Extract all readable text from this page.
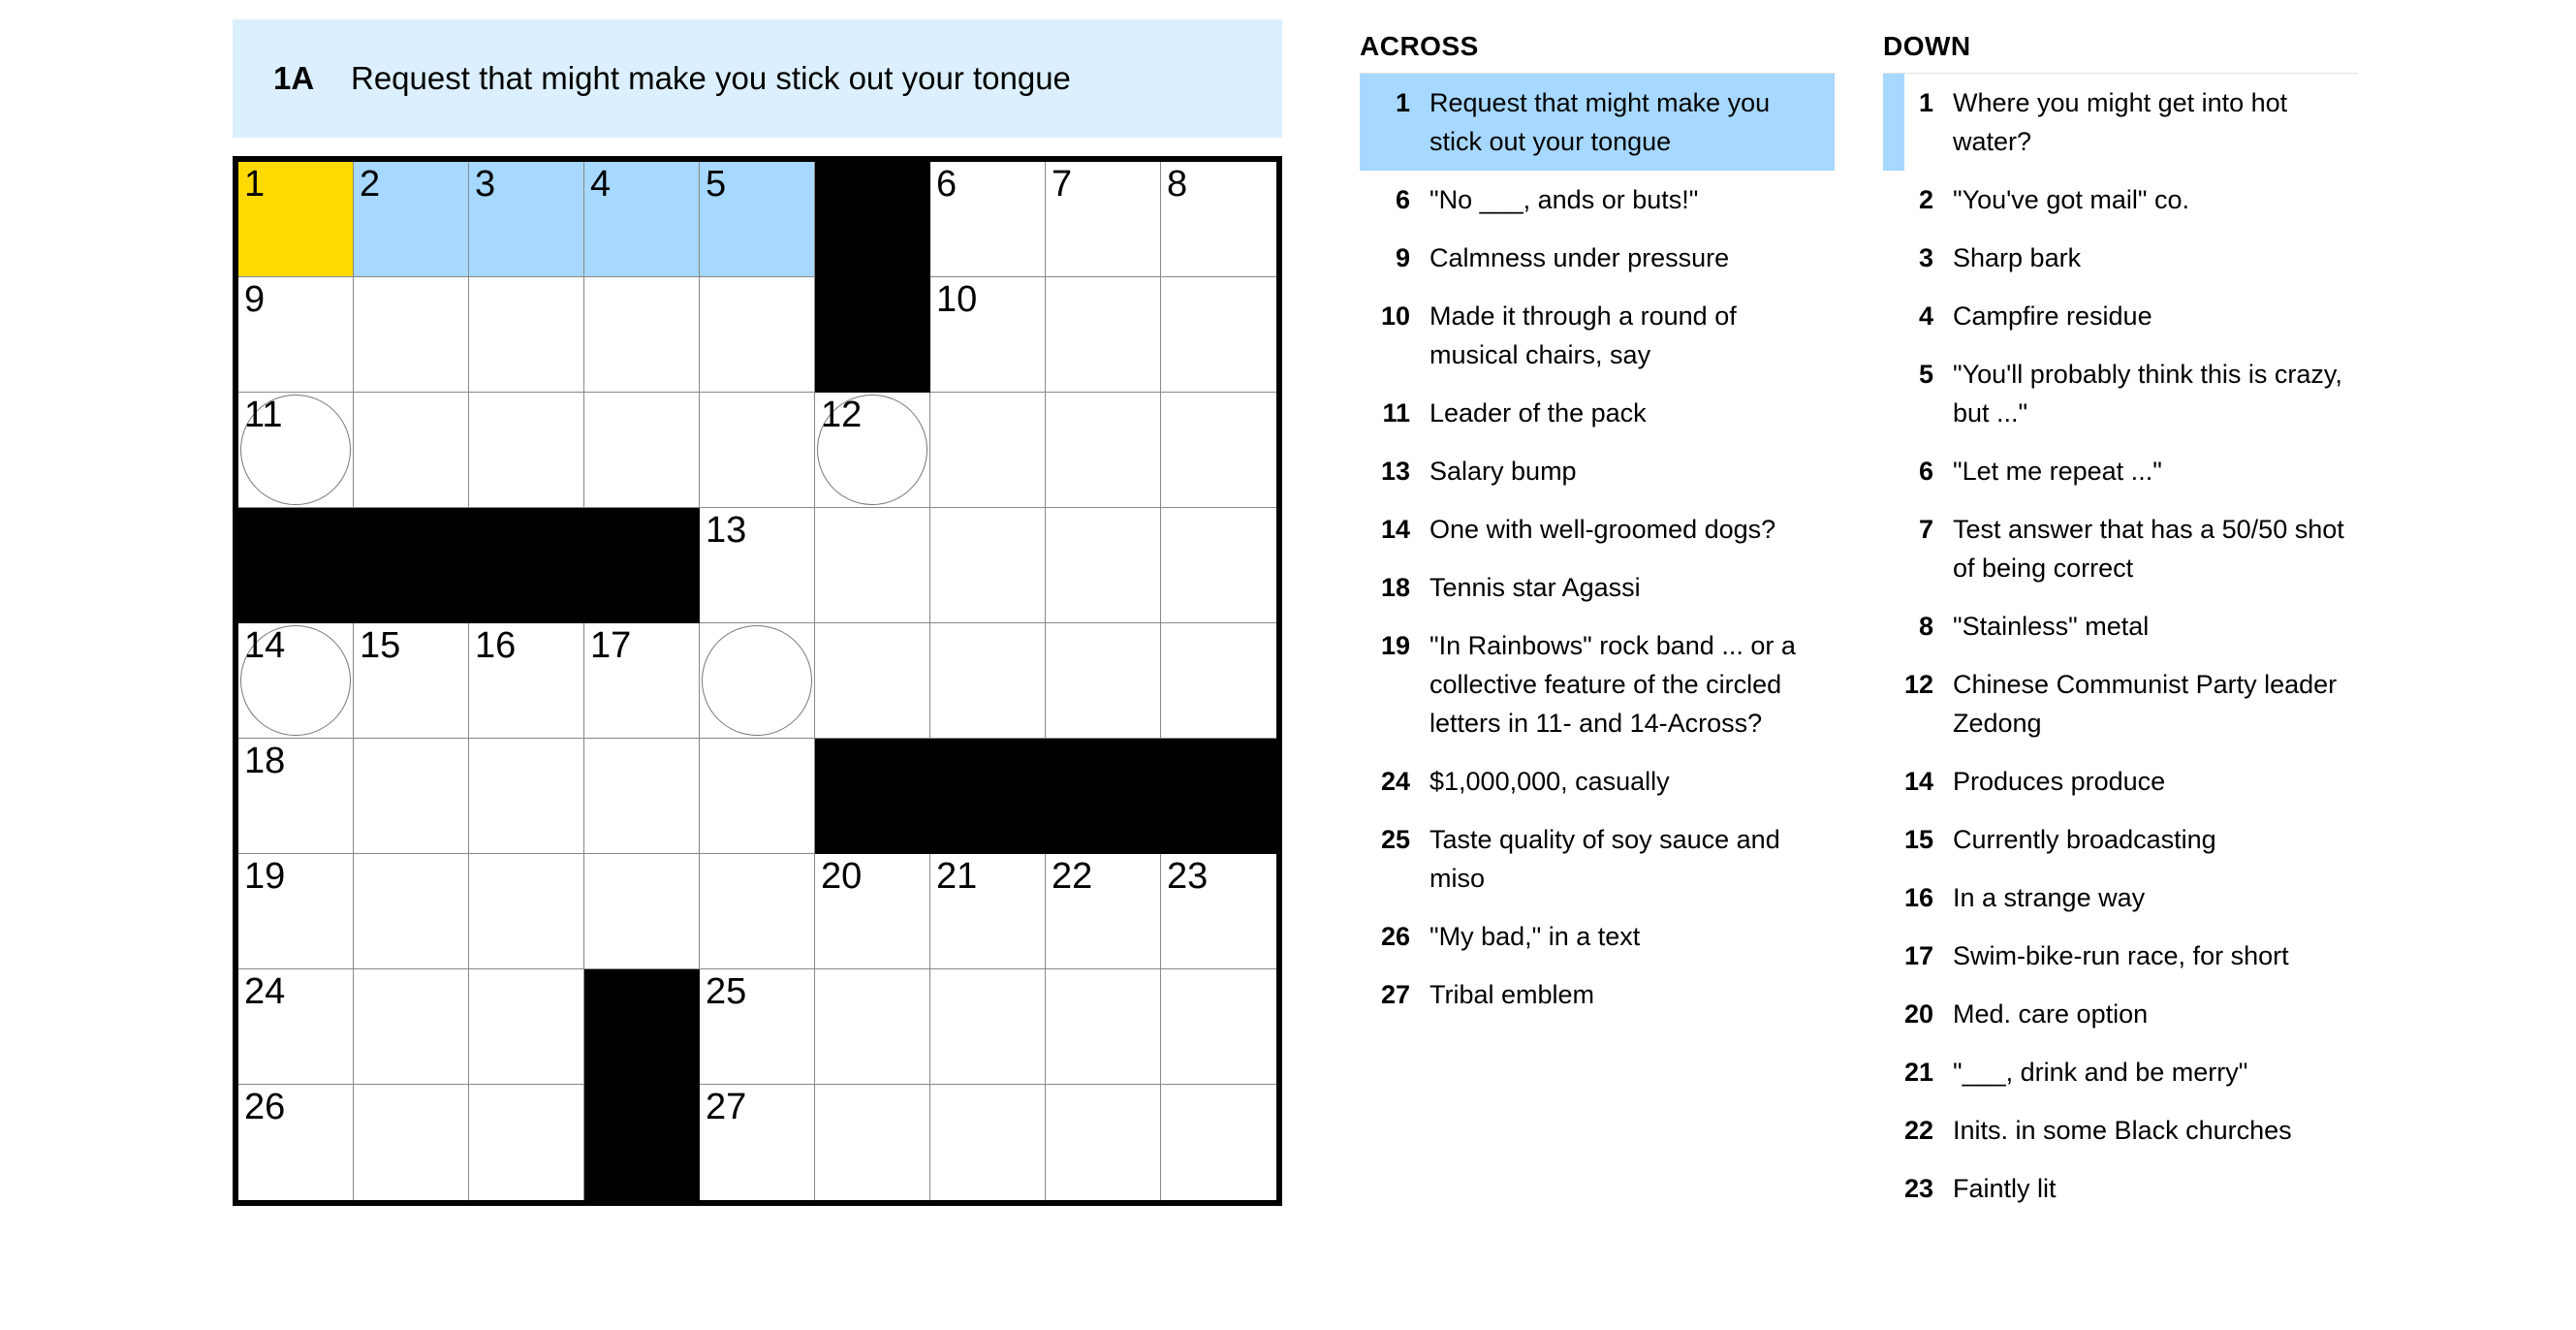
1A	Request that might make you stick out your tongue
1	2	3	4	5	6	7	8
9	10
11	12
13
14 15 16 17
18
19	20 21 22 23
24	25
26	27
ACROSS
1 Request that might make you stick out your tongue
6 "No ___, ands or buts!"
9 Calmness under pressure
10 Made it through a round of musical chairs, say
11 Leader of the pack
13 Salary bump
14 One with well-groomed dogs?
18 Tennis star Agassi
19 "In Rainbows" rock band ... or a collective feature of the circled letters in 11- and 14-Across?
24 $1,000,000, casually
25 Taste quality of soy sauce and miso
26 "My bad," in a text
27 Tribal emblem
DOWN
1 Where you might get into hot water?
2 "You've got mail" co.
3 Sharp bark
4 Campfire residue
5 "You'll probably think this is crazy, but ..."
6 "Let me repeat ..."
7 Test answer that has a 50/50 shot of being correct
8 "Stainless" metal
12 Chinese Communist Party leader Zedong
14 Produces produce
15 Currently broadcasting
16 In a strange way
17 Swim-bike-run race, for short
20 Med. care option
21 "___, drink and be merry"
22 Inits. in some Black churches
23 Faintly lit
